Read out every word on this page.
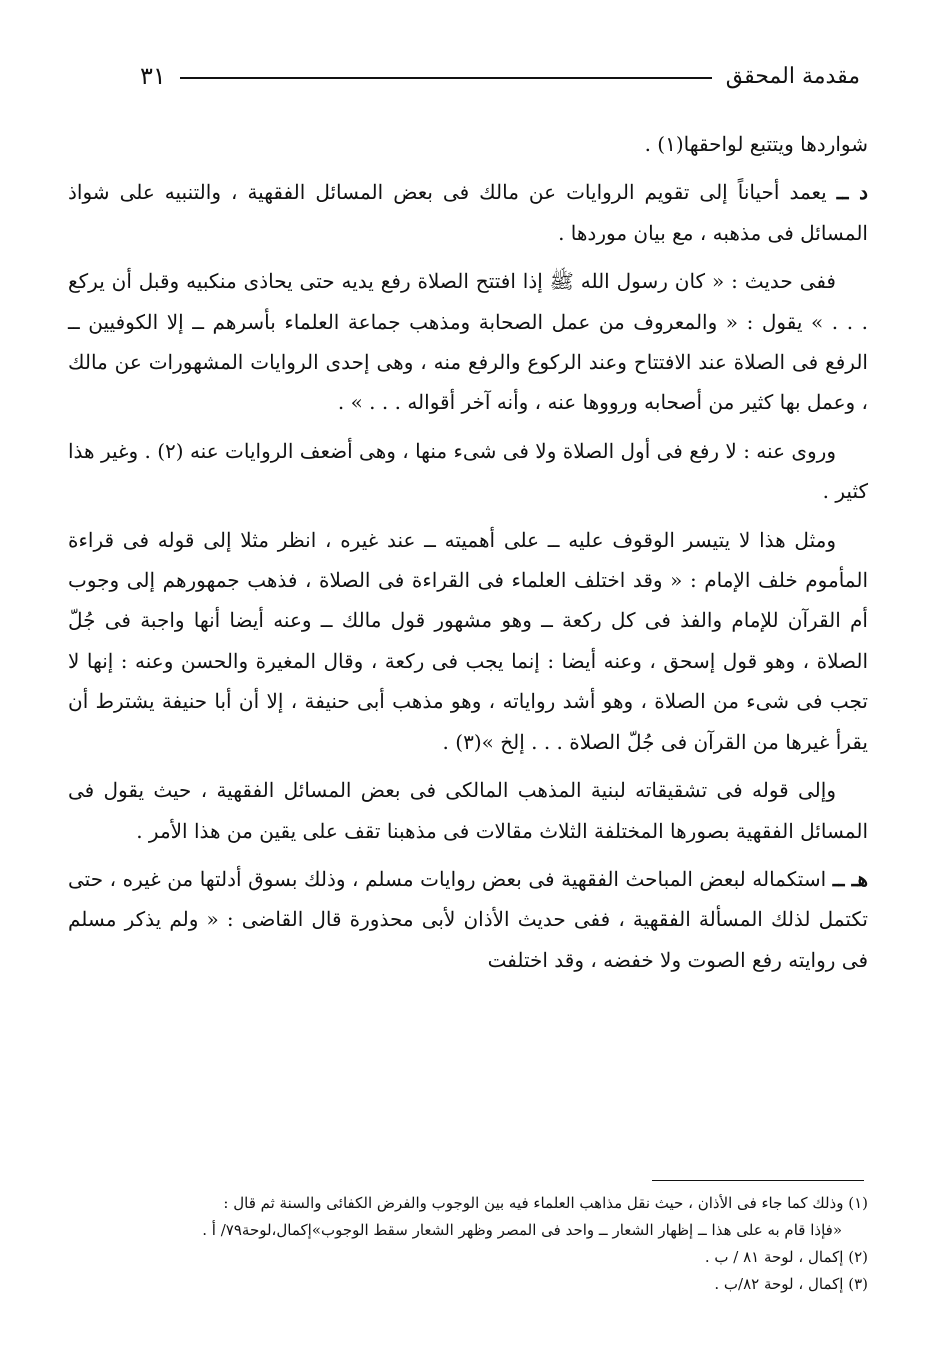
مقدمة المحقق
٣١

شواردها ويتتبع لواحقها(١) .

د ــ يعمد أحياناً إلى تقويم الروايات عن مالك فى بعض المسائل الفقهية ، والتنبيه على شواذ المسائل فى مذهبه ، مع بيان موردها .

ففى حديث : « كان رسول الله ﷺ إذا افتتح الصلاة رفع يديه حتى يحاذى منكبيه وقبل أن يركع . . . » يقول : « والمعروف من عمل الصحابة ومذهب جماعة العلماء بأسرهم ــ إلا الكوفيين ــ الرفع فى الصلاة عند الافتتاح وعند الركوع والرفع منه ، وهى إحدى الروايات المشهورات عن مالك ، وعمل بها كثير من أصحابه ورووها عنه ، وأنه آخر أقواله . . . » .

وروى عنه : لا رفع فى أول الصلاة ولا فى شىء منها ، وهى أضعف الروايات عنه (٢) . وغير هذا كثير .

ومثل هذا لا يتيسر الوقوف عليه ــ على أهميته ــ عند غيره ، انظر مثلا إلى قوله فى قراءة المأموم خلف الإمام : « وقد اختلف العلماء فى القراءة فى الصلاة ، فذهب جمهورهم إلى وجوب أم القرآن للإمام والفذ فى كل ركعة ــ وهو مشهور قول مالك ــ وعنه أيضا أنها واجبة فى جُلّ الصلاة ، وهو قول إسحق ، وعنه أيضا : إنما يجب فى ركعة ، وقال المغيرة والحسن وعنه : إنها لا تجب فى شىء من الصلاة ، وهو أشد رواياته ، وهو مذهب أبى حنيفة ، إلا أن أبا حنيفة يشترط أن يقرأ غيرها من القرآن فى جُلّ الصلاة . . . إلخ »(٣) .

وإلى قوله فى تشقيقاته لبنية المذهب المالكى فى بعض المسائل الفقهية ، حيث يقول فى المسائل الفقهية بصورها المختلفة الثلاث مقالات فى مذهبنا تقف على يقين من هذا الأمر .

هـ ــ استكماله لبعض المباحث الفقهية فى بعض روايات مسلم ، وذلك بسوق أدلتها من غيره ، حتى تكتمل لذلك المسألة الفقهية ، ففى حديث الأذان لأبى محذورة قال القاضى : « ولم يذكر مسلم فى روايته رفع الصوت ولا خفضه ، وقد اختلفت

(١) وذلك كما جاء فى الأذان ، حيث نقل مذاهب العلماء فيه بين الوجوب والفرض الكفائى والسنة ثم قال :

«فإذا قام به على هذا ــ إظهار الشعار ــ واحد فى المصر وظهر الشعار سقط الوجوب»إكمال،لوحة٧٩/ أ .

(٢) إكمال ، لوحة ٨١ / ب .

(٣) إكمال ، لوحة ٨٢/ب .
